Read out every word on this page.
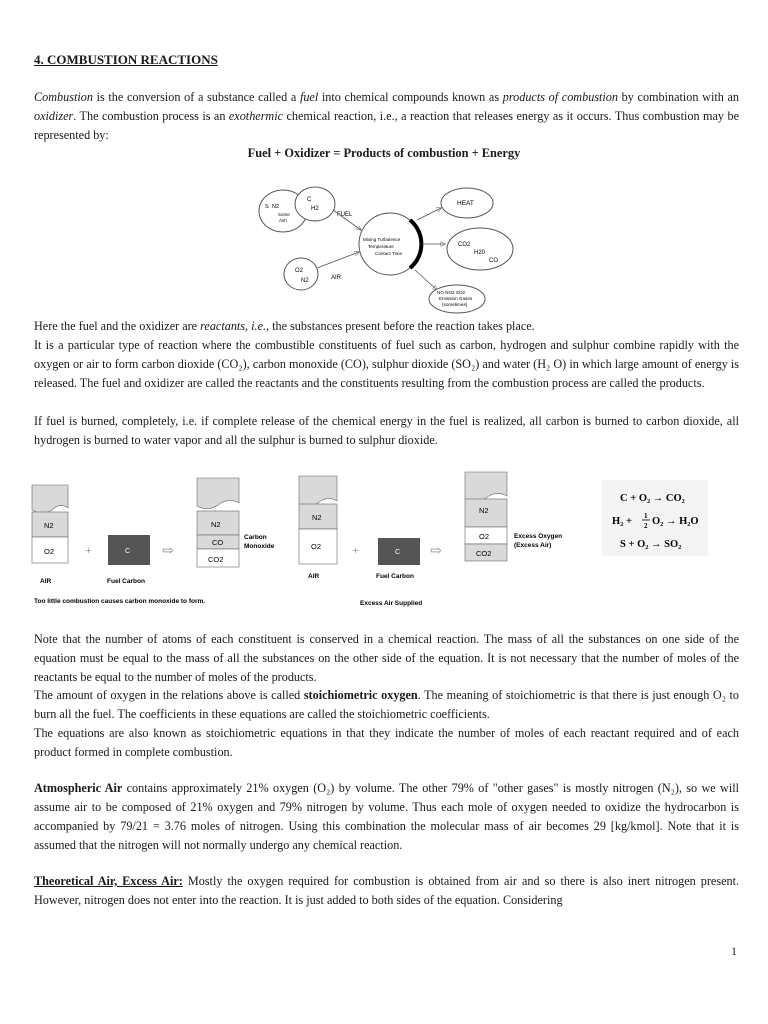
4. COMBUSTION REACTIONS

Combustion is the conversion of a substance called a fuel into chemical compounds known as products of combustion by combination with an oxidizer. The combustion process is an exothermic chemical reaction, i.e., a reaction that releases energy as it occurs. Thus combustion may be represented by:

Fuel + Oxidizer = Products of combustion + Energy
S N2
Some
Ash
C
H2
FUEL
O2
N2	AIR
Mixing Turbulence
Temperature
Contact Time
HEAT
CO2
H20
CO
NO NO2 SO2
Emission Gases
(sometimes)

Here the fuel and the oxidizer are reactants, i.e., the substances present before the reaction takes place.

It is a particular type of reaction where the combustible constituents of fuel such as carbon, hydrogen and sulphur combine rapidly with the oxygen or air to form carbon dioxide (CO₂), carbon monoxide (CO), sulphur dioxide (SO₂) and water (H₂ O) in which large amount of energy is released. The fuel and oxidizer are called the reactants and the constituents resulting from the combustion process are called the products.

If fuel is burned, completely, i.e. if complete release of the chemical energy in the fuel is realized, all carbon is burned to carbon dioxide, all hydrogen is burned to water vapor and all the sulphur is burned to sulphur dioxide.

N2
O2
AIR
+	C
Fuel Carbon
⇨
N2
CO
CO2
Carbon
Monoxide
Too little combustion causes carbon monoxide to form.
N2
O2
AIR
+	C
Fuel Carbon
⇨
N2
O2
CO2
Excess Oxygen
(Excess Air)
Excess Air Supplied
C + O₂ → CO₂
H₂ + 1
2 O₂ → H₂O
S + O₂ → SO₂

Note that the number of atoms of each constituent is conserved in a chemical reaction. The mass of all the substances on one side of the equation must be equal to the mass of all the substances on the other side of the equation. It is not necessary that the number of moles of the reactants be equal to the number of moles of the products.

The amount of oxygen in the relations above is called stoichiometric oxygen. The meaning of stoichiometric is that there is just enough O₂ to burn all the fuel. The coefficients in these equations are called the stoichiometric coefficients.

The equations are also known as stoichiometric equations in that they indicate the number of moles of each reactant required and of each product formed in complete combustion.

Atmospheric Air contains approximately 21% oxygen (O₂) by volume. The other 79% of "other gases" is mostly nitrogen (N₂), so we will assume air to be composed of 21% oxygen and 79% nitrogen by volume. Thus each mole of oxygen needed to oxidize the hydrocarbon is accompanied by 79/21 = 3.76 moles of nitrogen. Using this combination the molecular mass of air becomes 29 [kg/kmol]. Note that it is assumed that the nitrogen will not normally undergo any chemical reaction.

Theoretical Air, Excess Air: Mostly the oxygen required for combustion is obtained from air and so there is also inert nitrogen present. However, nitrogen does not enter into the reaction. It is just added to both sides of the equation. Considering

1
